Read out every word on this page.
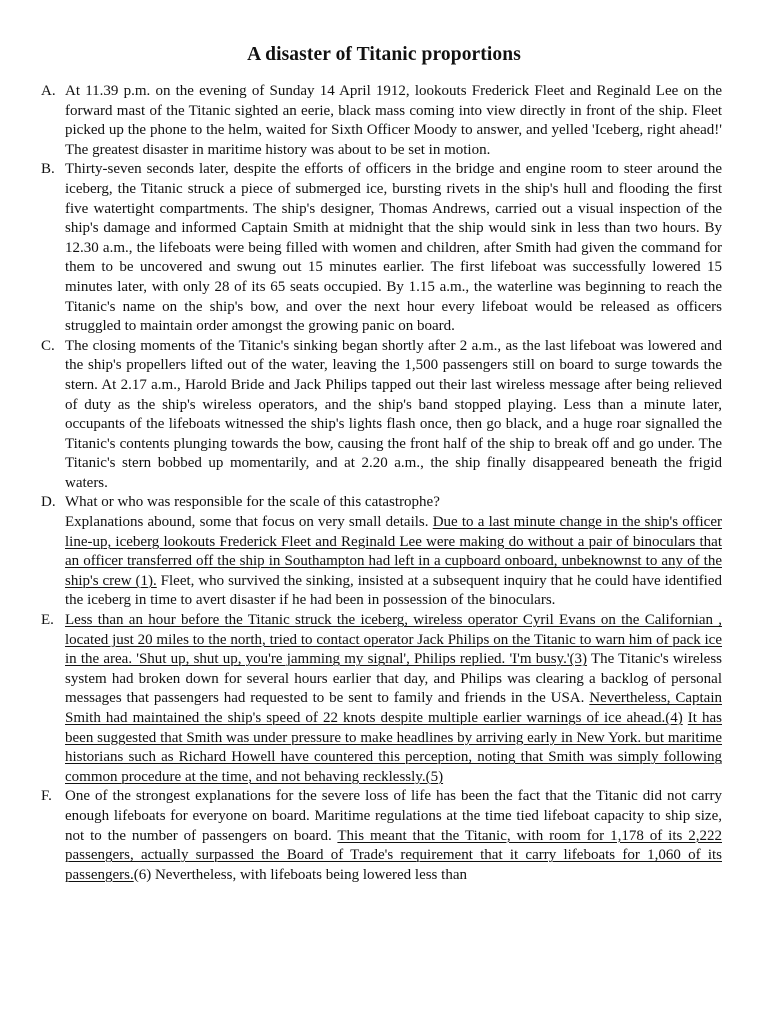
A disaster of Titanic proportions
A. At 11.39 p.m. on the evening of Sunday 14 April 1912, lookouts Frederick Fleet and Reginald Lee on the forward mast of the Titanic sighted an eerie, black mass coming into view directly in front of the ship. Fleet picked up the phone to the helm, waited for Sixth Officer Moody to answer, and yelled 'Iceberg, right ahead!' The greatest disaster in maritime history was about to be set in motion.
B. Thirty-seven seconds later, despite the efforts of officers in the bridge and engine room to steer around the iceberg, the Titanic struck a piece of submerged ice, bursting rivets in the ship's hull and flooding the first five watertight compartments. The ship's designer, Thomas Andrews, carried out a visual inspection of the ship's damage and informed Captain Smith at midnight that the ship would sink in less than two hours. By 12.30 a.m., the lifeboats were being filled with women and children, after Smith had given the command for them to be uncovered and swung out 15 minutes earlier. The first lifeboat was successfully lowered 15 minutes later, with only 28 of its 65 seats occupied. By 1.15 a.m., the waterline was beginning to reach the Titanic's name on the ship's bow, and over the next hour every lifeboat would be released as officers struggled to maintain order amongst the growing panic on board.
C. The closing moments of the Titanic's sinking began shortly after 2 a.m., as the last lifeboat was lowered and the ship's propellers lifted out of the water, leaving the 1,500 passengers still on board to surge towards the stern. At 2.17 a.m., Harold Bride and Jack Philips tapped out their last wireless message after being relieved of duty as the ship's wireless operators, and the ship's band stopped playing. Less than a minute later, occupants of the lifeboats witnessed the ship's lights flash once, then go black, and a huge roar signalled the Titanic's contents plunging towards the bow, causing the front half of the ship to break off and go under. The Titanic's stern bobbed up momentarily, and at 2.20 a.m., the ship finally disappeared beneath the frigid waters.
D. What or who was responsible for the scale of this catastrophe?
Explanations abound, some that focus on very small details. Due to a last minute change in the ship's officer line-up, iceberg lookouts Frederick Fleet and Reginald Lee were making do without a pair of binoculars that an officer transferred off the ship in Southampton had left in a cupboard onboard, unbeknownst to any of the ship's crew (1). Fleet, who survived the sinking, insisted at a subsequent inquiry that he could have identified the iceberg in time to avert disaster if he had been in possession of the binoculars.
E. Less than an hour before the Titanic struck the iceberg, wireless operator Cyril Evans on the Californian , located just 20 miles to the north, tried to contact operator Jack Philips on the Titanic to warn him of pack ice in the area. 'Shut up, shut up, you're jamming my signal', Philips replied. 'I'm busy.'(3) The Titanic's wireless system had broken down for several hours earlier that day, and Philips was clearing a backlog of personal messages that passengers had requested to be sent to family and friends in the USA. Nevertheless, Captain Smith had maintained the ship's speed of 22 knots despite multiple earlier warnings of ice ahead.(4) It has been suggested that Smith was under pressure to make headlines by arriving early in New York. but maritime historians such as Richard Howell have countered this perception, noting that Smith was simply following common procedure at the time, and not behaving recklessly.(5)
F. One of the strongest explanations for the severe loss of life has been the fact that the Titanic did not carry enough lifeboats for everyone on board. Maritime regulations at the time tied lifeboat capacity to ship size, not to the number of passengers on board. This meant that the Titanic, with room for 1,178 of its 2,222 passengers, actually surpassed the Board of Trade's requirement that it carry lifeboats for 1,060 of its passengers.(6) Nevertheless, with lifeboats being lowered less than
